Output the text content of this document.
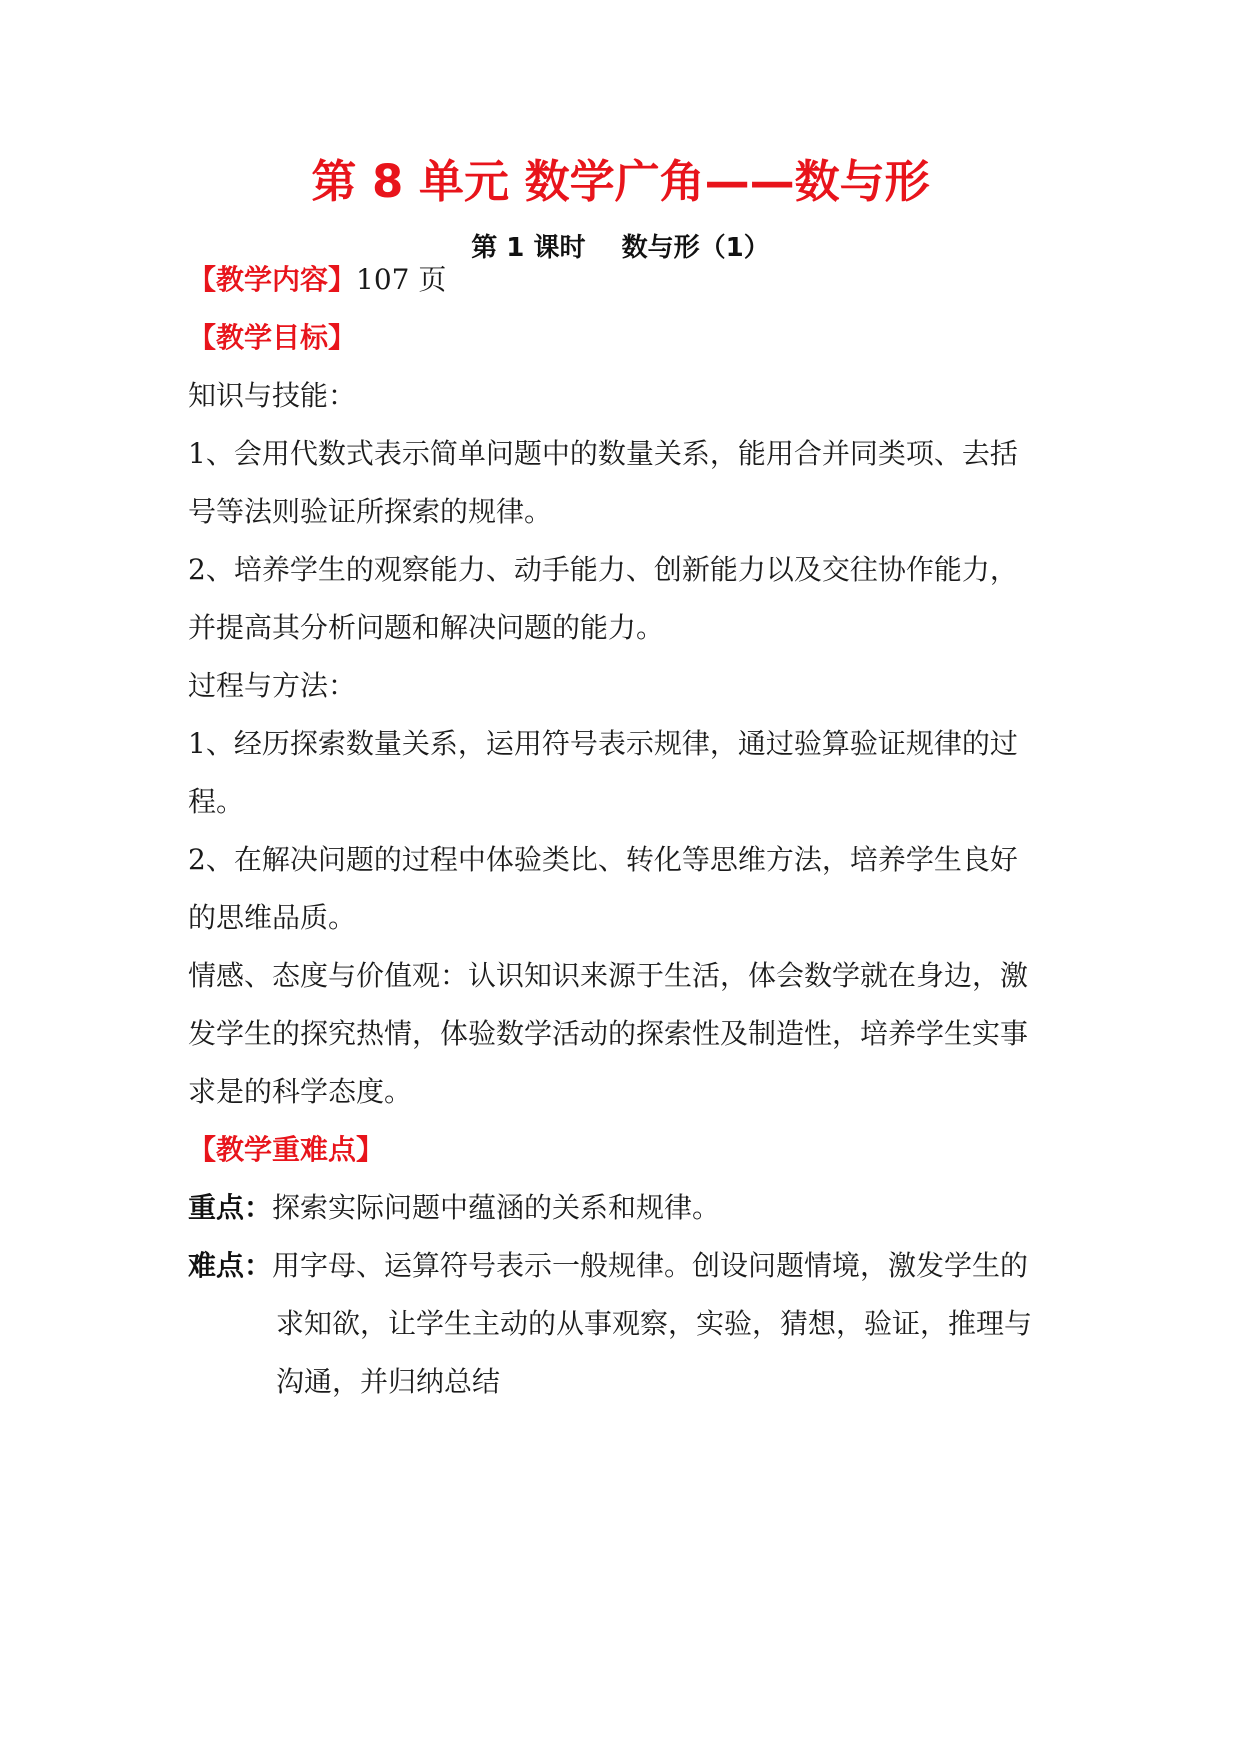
第 8 单元 数学广角——数与形
第 1 课时    数与形（1）

【教学内容】107 页

【教学目标】

知识与技能：

1、会用代数式表示简单问题中的数量关系，能用合并同类项、去括

号等法则验证所探索的规律。

2、培养学生的观察能力、动手能力、创新能力以及交往协作能力，

并提高其分析问题和解决问题的能力。

过程与方法：

1、经历探索数量关系，运用符号表示规律，通过验算验证规律的过

程。

2、在解决问题的过程中体验类比、转化等思维方法，培养学生良好

的思维品质。

情感、态度与价值观：认识知识来源于生活，体会数学就在身边，激

发学生的探究热情，体验数学活动的探索性及制造性，培养学生实事

求是的科学态度。

【教学重难点】

重点：探索实际问题中蕴涵的关系和规律。

难点：用字母、运算符号表示一般规律。创设问题情境，激发学生的

求知欲，让学生主动的从事观察，实验，猜想，验证，推理与

沟通，并归纳总结
